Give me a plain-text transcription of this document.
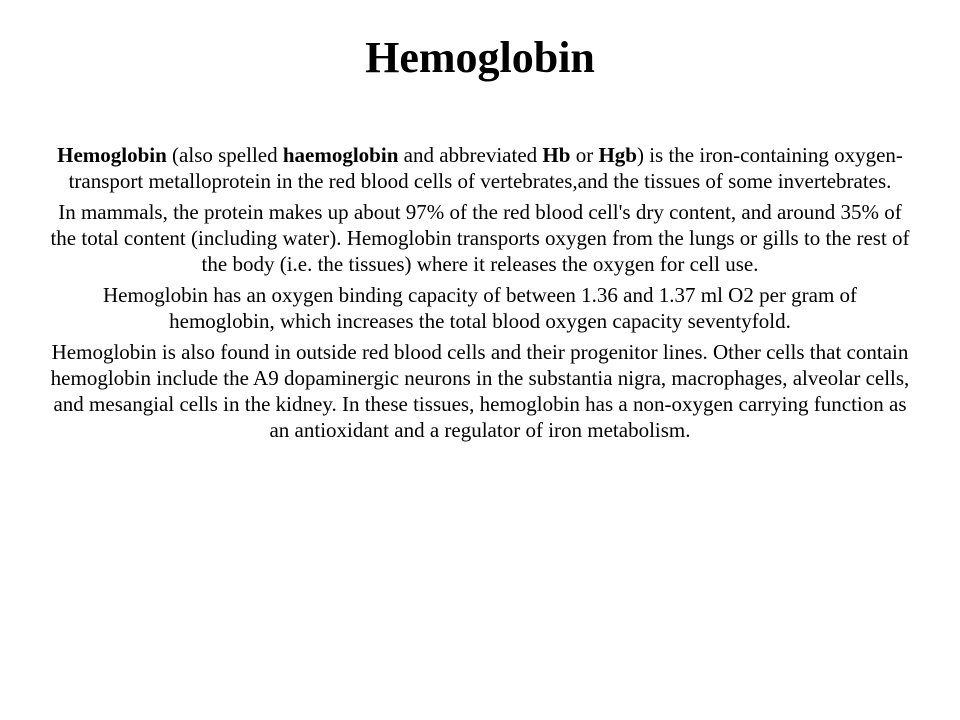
Hemoglobin

Hemoglobin (also spelled haemoglobin and abbreviated Hb or Hgb) is the iron-containing oxygen-transport metalloprotein in the red blood cells of vertebrates,and the tissues of some invertebrates.

In mammals, the protein makes up about 97% of the red blood cell's dry content, and around 35% of the total content (including water). Hemoglobin transports oxygen from the lungs or gills to the rest of the body (i.e. the tissues) where it releases the oxygen for cell use.

Hemoglobin has an oxygen binding capacity of between 1.36 and 1.37 ml O2 per gram of hemoglobin, which increases the total blood oxygen capacity seventyfold.

Hemoglobin is also found in outside red blood cells and their progenitor lines. Other cells that contain hemoglobin include the A9 dopaminergic neurons in the substantia nigra, macrophages, alveolar cells, and mesangial cells in the kidney. In these tissues, hemoglobin has a non-oxygen carrying function as an antioxidant and a regulator of iron metabolism.
